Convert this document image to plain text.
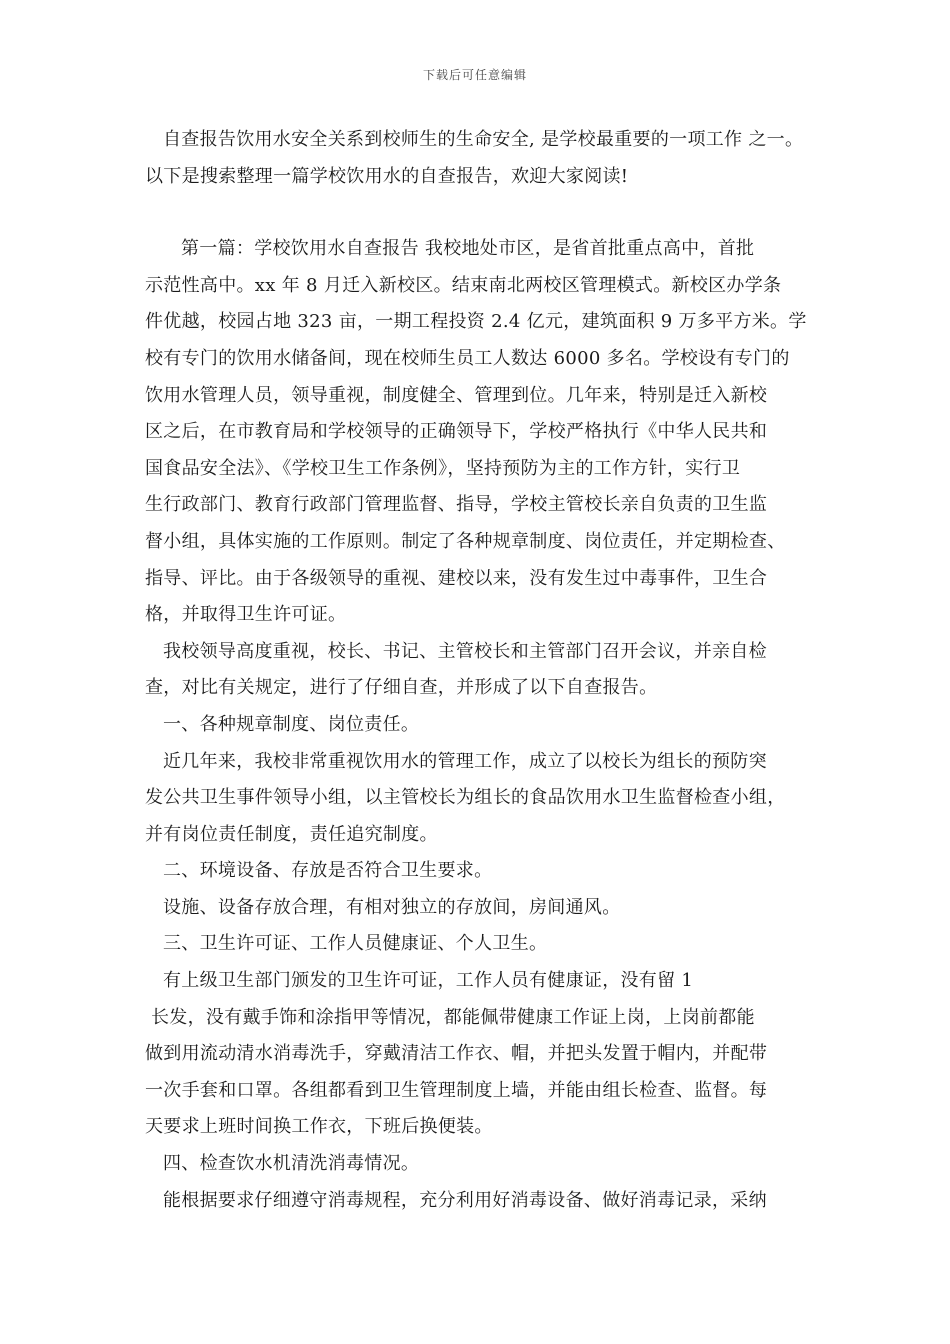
下载后可任意编辑
自查报告饮用水安全关系到校师生的生命安全, 是学校最重要的一项工作 之一。
以下是搜索整理一篇学校饮用水的自查报告，欢迎大家阅读!
第一篇：学校饮用水自查报告 我校地处市区，是省首批重点高中，首批
示范性高中。xx 年 8 月迁入新校区。结束南北两校区管理模式。新校区办学条
件优越，校园占地 323 亩，一期工程投资 2.4 亿元，建筑面积 9 万多平方米。学
校有专门的饮用水储备间，现在校师生员工人数达 6000 多名。学校设有专门的
饮用水管理人员，领导重视，制度健全、管理到位。几年来，特别是迁入新校
区之后，在市教育局和学校领导的正确领导下，学校严格执行《中华人民共和
国食品安全法》、《学校卫生工作条例》，坚持预防为主的工作方针，实行卫
生行政部门、教育行政部门管理监督、指导，学校主管校长亲自负责的卫生监
督小组，具体实施的工作原则。制定了各种规章制度、岗位责任，并定期检查、
指导、评比。由于各级领导的重视、建校以来，没有发生过中毒事件，卫生合
格，并取得卫生许可证。
我校领导高度重视，校长、书记、主管校长和主管部门召开会议，并亲自检
查，对比有关规定，进行了仔细自查，并形成了以下自查报告。
一、各种规章制度、岗位责任。
近几年来，我校非常重视饮用水的管理工作，成立了以校长为组长的预防突
发公共卫生事件领导小组，以主管校长为组长的食品饮用水卫生监督检查小组，
并有岗位责任制度，责任追究制度。
二、环境设备、存放是否符合卫生要求。
设施、设备存放合理，有相对独立的存放间，房间通风。
三、卫生许可证、工作人员健康证、个人卫生。
有上级卫生部门颁发的卫生许可证，工作人员有健康证，没有留 1
长发，没有戴手饰和涂指甲等情况，都能佩带健康工作证上岗，上岗前都能
做到用流动清水消毒洗手，穿戴清洁工作衣、帽，并把头发置于帽内，并配带
一次手套和口罩。各组都看到卫生管理制度上墙，并能由组长检查、监督。每
天要求上班时间换工作衣，下班后换便装。
四、检查饮水机清洗消毒情况。
能根据要求仔细遵守消毒规程，充分利用好消毒设备、做好消毒记录，采纳
